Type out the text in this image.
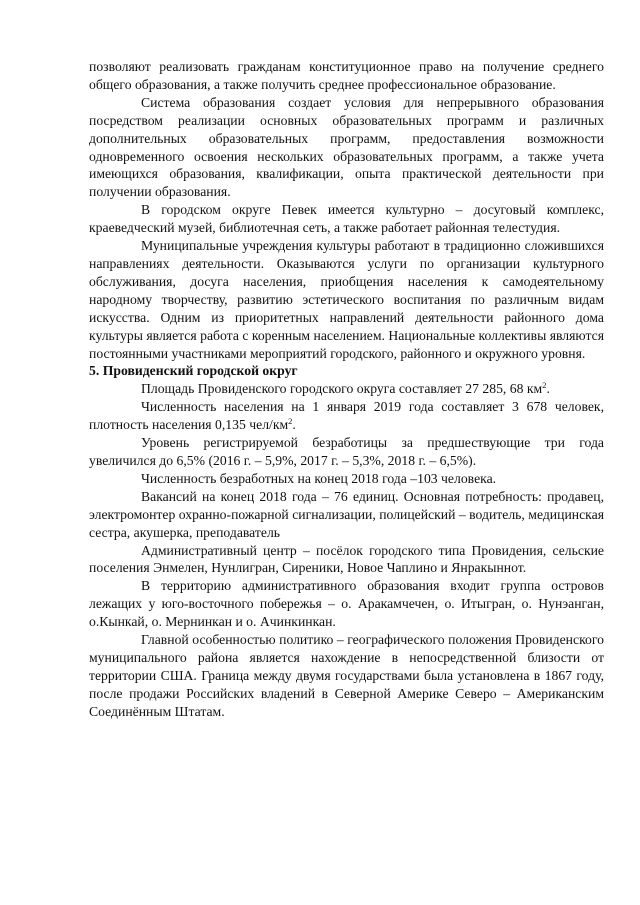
позволяют реализовать гражданам конституционное право на получение среднего общего образования, а также получить среднее профессиональное образование.

Система образования создает условия для непрерывного образования посредством реализации основных образовательных программ и различных дополнительных образовательных программ, предоставления возможности одновременного освоения нескольких образовательных программ, а также учета имеющихся образования, квалификации, опыта практической деятельности при получении образования.

В городском округе Певек имеется культурно – досуговый комплекс, краеведческий музей, библиотечная сеть, а также работает районная телестудия.

Муниципальные учреждения культуры работают в традиционно сложившихся направлениях деятельности. Оказываются услуги по организации культурного обслуживания, досуга населения, приобщения населения к самодеятельному народному творчеству, развитию эстетического воспитания по различным видам искусства. Одним из приоритетных направлений деятельности районного дома культуры является работа с коренным населением. Национальные коллективы являются постоянными участниками мероприятий городского, районного и окружного уровня.

5. Провиденский городской округ

Площадь Провиденского городского округа составляет 27 285, 68 $км^2$.

Численность населения на 1 января 2019 года составляет 3 678 человек, плотность населения 0,135 чел/$км^2$.

Уровень регистрируемой безработицы за предшествующие три года увеличился до 6,5% (2016 г. – 5,9%, 2017 г. – 5,3%, 2018 г. – 6,5%).

Численность безработных на конец 2018 года –103 человека.

Вакансий на конец 2018 года – 76 единиц. Основная потребность: продавец, электромонтер охранно-пожарной сигнализации, полицейский – водитель, медицинская сестра, акушерка, преподаватель

Административный центр – посёлок городского типа Провидения, сельские поселения Энмелен, Нунлигран, Сиреники, Новое Чаплино и Янракыннот.

В территорию административного образования входит группа островов лежащих у юго-восточного побережья – о. Аракамчечен, о. Итыгран, о. Нунэанган, о.Кынкай, о. Мернинкан и о. Ачинкинкан.

Главной особенностью политико – географического положения Провиденского муниципального района является нахождение в непосредственной близости от территории США. Граница между двумя государствами была установлена в 1867 году, после продажи Российских владений в Северной Америке Северо – Американским Соединённым Штатам.
